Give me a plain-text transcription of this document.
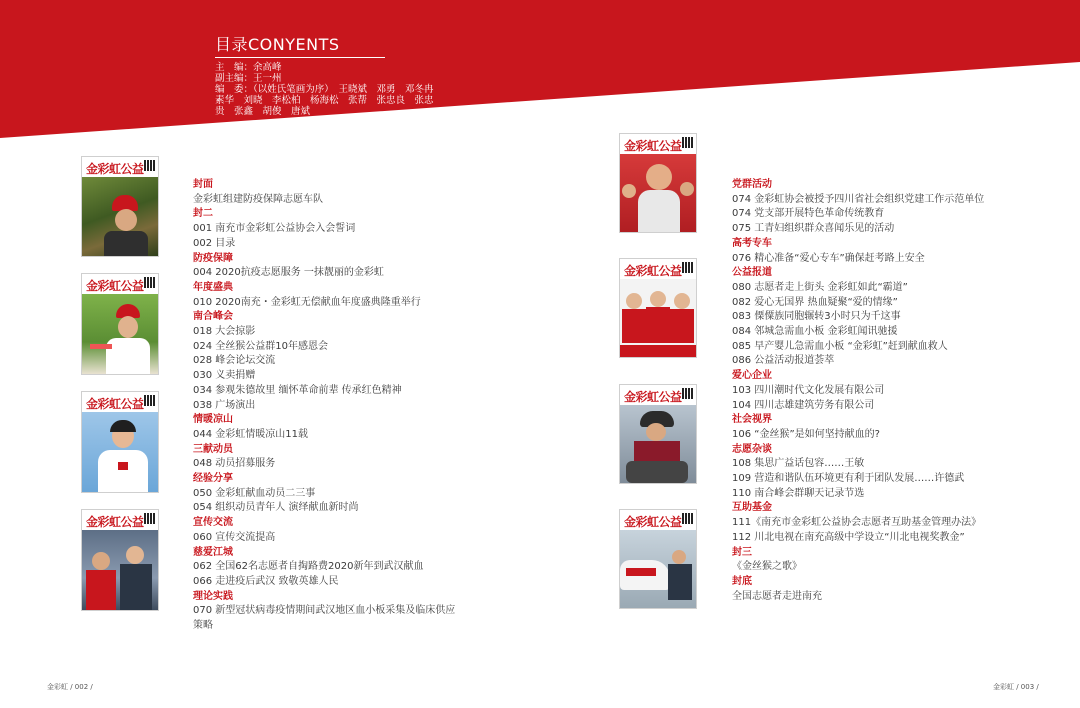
目录CONYENTS
主　编：余高峰
副主编：王一州
编　委：（以姓氏笔画为序）　王晓斌　邓勇　邓冬冉素华　刘晓　李松柏　杨海松　张帮　张忠良　张忠贵　张鑫　胡俊　唐斌
金彩虹公益
金彩虹公益
金彩虹公益
金彩虹公益
金彩虹公益
金彩虹公益
金彩虹公益
金彩虹公益
封面
金彩虹组建防疫保障志愿车队
封二
001 南充市金彩虹公益协会入会誓词
002 目录
防疫保障
004 2020抗疫志愿服务 一抹靓丽的金彩虹
年度盛典
010 2020南充・金彩虹无偿献血年度盛典隆重举行
南合峰会
018 大会掠影
024 全丝猴公益群10年感恩会
028 峰会论坛交流
030 义卖捐赠
034 参观朱德故里 缅怀革命前辈 传承红色精神
038 广场演出
情暖凉山
044 金彩虹情暖凉山11载
三献动员
048 动员招募服务
经验分享
050 金彩虹献血动员二三事
054 组织动员青年人 演绎献血新时尚
宣传交流
060 宣传交流提高
慈爱江城
062 全国62名志愿者自掏路费2020新年到武汉献血
066 走进疫后武汉 致敬英雄人民
理论实践
070 新型冠状病毒疫情期间武汉地区血小板采集及临床供应
策略
党群活动
074 金彩虹协会被授予四川省社会组织党建工作示范单位
074 党支部开展特色革命传统教育
075 工青妇组织群众喜闻乐见的活动
高考专车
076 精心准备“爱心专车”确保赶考路上安全
公益报道
080 志愿者走上街头 金彩虹如此“霸道”
082 爱心无国界 热血疑聚“爱的情缘”
083 傈僳族同胞辗转3小时只为千这事
084 邻城急需血小板 金彩虹闻讯驰援
085 早产婴儿急需血小板 “金彩虹”赶到献血救人
086 公益活动报道荟萃
爱心企业
103 四川潮时代文化发展有限公司
104 四川志雄建筑劳务有限公司
社会视界
106 “金丝猴”是如何坚持献血的?
志愿杂谈
108 集思广益话包容……王敏
109 营造和谐队伍环境更有利于团队发展……许德武
110 南合峰会群聊天记录节选
互助基金
111《南充市金彩虹公益协会志愿者互助基金管理办法》
112 川北电视在南充高级中学设立“川北电视奖教金”
封三
《金丝猴之歌》
封底
全国志愿者走进南充
金彩虹 / 002 /	金彩虹 / 003 /
